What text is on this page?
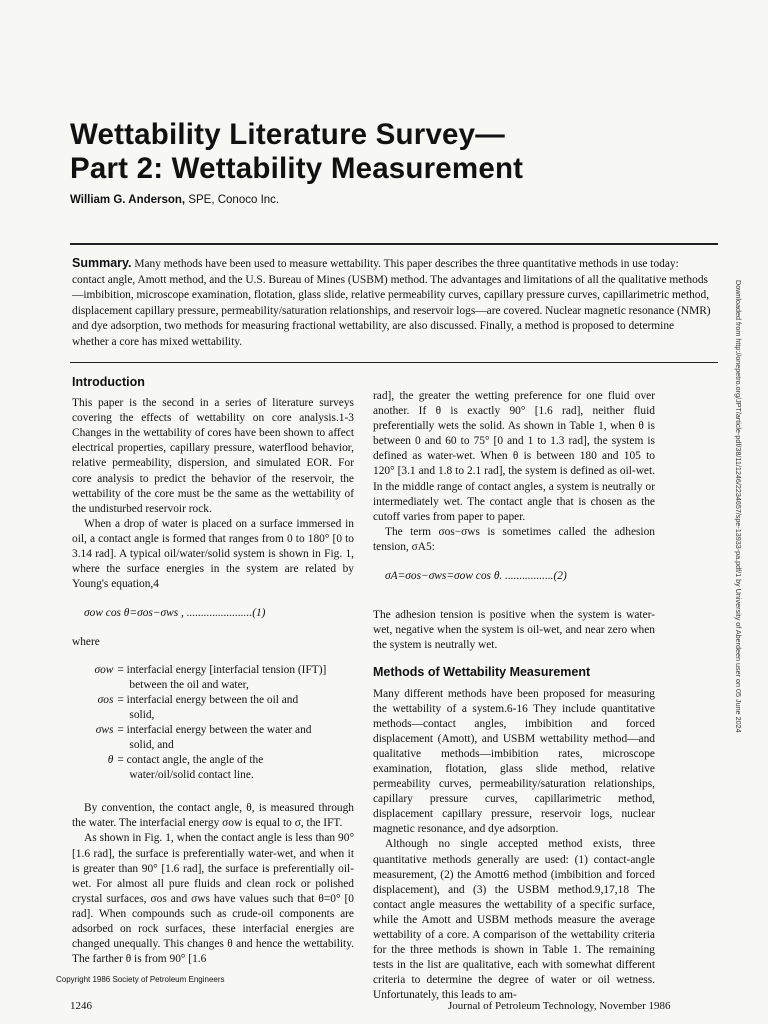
Wettability Literature Survey—
Part 2: Wettability Measurement
William G. Anderson, SPE, Conoco Inc.
Summary. Many methods have been used to measure wettability. This paper describes the three quantitative methods in use today: contact angle, Amott method, and the U.S. Bureau of Mines (USBM) method. The advantages and limitations of all the qualitative methods—imbibition, microscope examination, flotation, glass slide, relative permeability curves, capillary pressure curves, capillarimetric method, displacement capillary pressure, permeability/saturation relationships, and reservoir logs—are covered. Nuclear magnetic resonance (NMR) and dye adsorption, two methods for measuring fractional wettability, are also discussed. Finally, a method is proposed to determine whether a core has mixed wettability.
Introduction

This paper is the second in a series of literature surveys covering the effects of wettability on core analysis.1-3 Changes in the wettability of cores have been shown to affect electrical properties, capillary pressure, waterflood behavior, relative permeability, dispersion, and simulated EOR. For core analysis to predict the behavior of the reservoir, the wettability of the core must be the same as the wettability of the undisturbed reservoir rock.

When a drop of water is placed on a surface immersed in oil, a contact angle is formed that ranges from 0 to 180° [0 to 3.14 rad]. A typical oil/water/solid system is shown in Fig. 1, where the surface energies in the system are related by Young's equation,4

σow cos θ=σos−σws , .......................(1)

where

σow = interfacial energy [interfacial tension (IFT)]
between the oil and water,
σos = interfacial energy between the oil and
solid,
σws = interfacial energy between the water and
solid, and
θ = contact angle, the angle of the
water/oil/solid contact line.

By convention, the contact angle, θ, is measured through the water. The interfacial energy σow is equal to σ, the IFT.

As shown in Fig. 1, when the contact angle is less than 90° [1.6 rad], the surface is preferentially water-wet, and when it is greater than 90° [1.6 rad], the surface is preferentially oil-wet. For almost all pure fluids and clean rock or polished crystal surfaces, σos and σws have values such that θ=0° [0 rad]. When compounds such as crude-oil components are adsorbed on rock surfaces, these interfacial energies are changed unequally. This changes θ and hence the wettability. The farther θ is from 90° [1.6

rad], the greater the wetting preference for one fluid over another. If θ is exactly 90° [1.6 rad], neither fluid preferentially wets the solid. As shown in Table 1, when θ is between 0 and 60 to 75° [0 and 1 to 1.3 rad], the system is defined as water-wet. When θ is between 180 and 105 to 120° [3.1 and 1.8 to 2.1 rad], the system is defined as oil-wet. In the middle range of contact angles, a system is neutrally or intermediately wet. The contact angle that is chosen as the cutoff varies from paper to paper.

The term σos−σws is sometimes called the adhesion tension, σA5:

σA=σos−σws=σow cos θ. .................(2)

The adhesion tension is positive when the system is water-wet, negative when the system is oil-wet, and near zero when the system is neutrally wet.

Methods of Wettability Measurement

Many different methods have been proposed for measuring the wettability of a system.6-16 They include quantitative methods—contact angles, imbibition and forced displacement (Amott), and USBM wettability method—and qualitative methods—imbibition rates, microscope examination, flotation, glass slide method, relative permeability curves, permeability/saturation relationships, capillary pressure curves, capillarimetric method, displacement capillary pressure, reservoir logs, nuclear magnetic resonance, and dye adsorption.

Although no single accepted method exists, three quantitative methods generally are used: (1) contact-angle measurement, (2) the Amott6 method (imbibition and forced displacement), and (3) the USBM method.9,17,18 The contact angle measures the wettability of a specific surface, while the Amott and USBM methods measure the average wettability of a core. A comparison of the wettability criteria for the three methods is shown in Table 1. The remaining tests in the list are qualitative, each with somewhat different criteria to determine the degree of water or oil wetness. Unfortunately, this leads to am-

Copyright 1986 Society of Petroleum Engineers
1246	Journal of Petroleum Technology, November 1986
Downloaded from http://onepetro.org/JPT/article-pdf/38/11/1246/2234657/spe-13933-pa.pdf/1 by University of Aberdeen user on 05 June 2024
